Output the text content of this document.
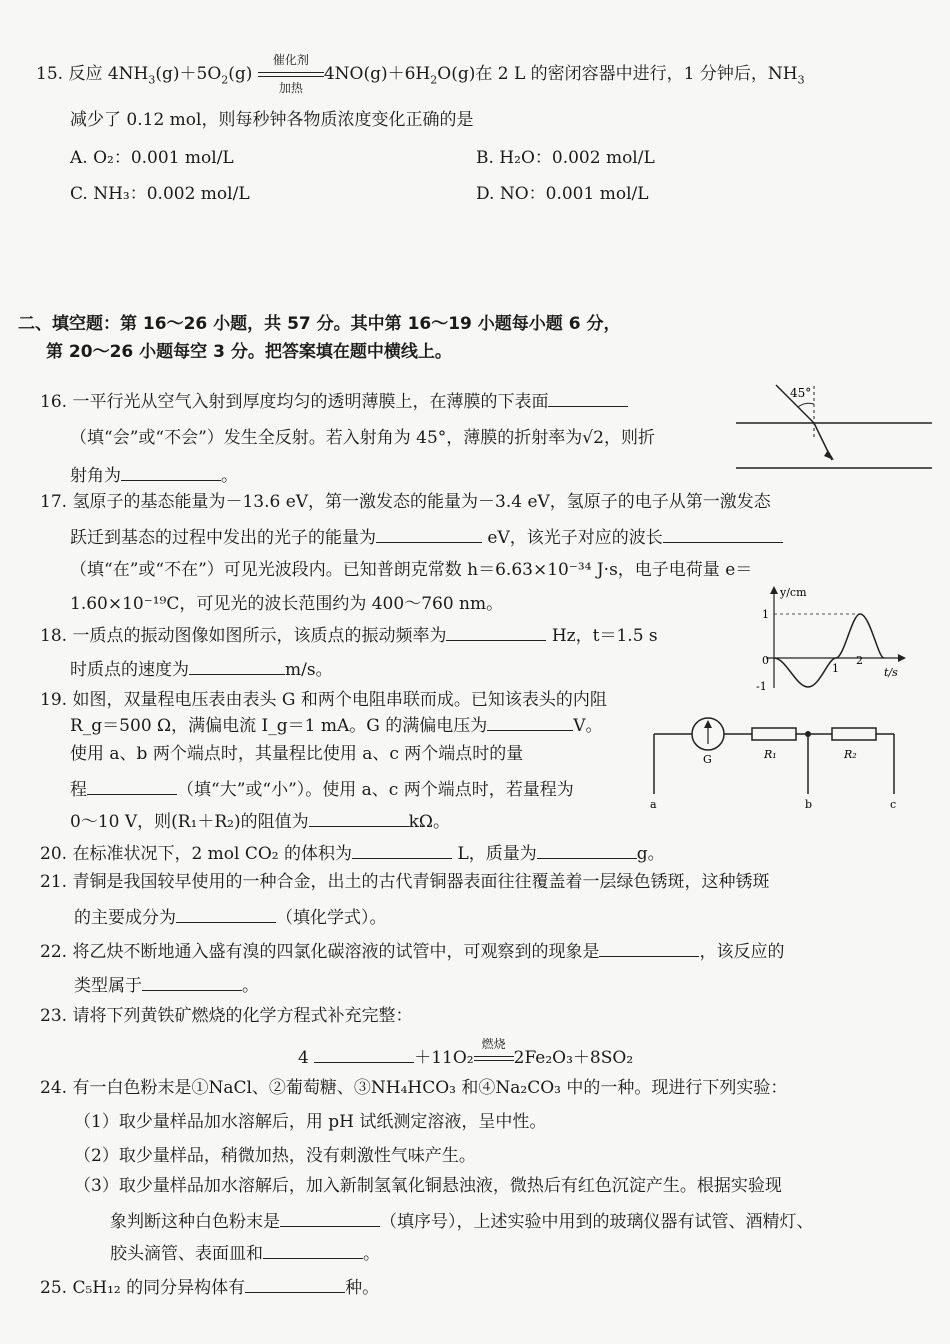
15. 反应 $4NH_3(g)+5O_2(g)$
催化剂
加热
$4NO(g)+6H_2O(g)$在 2 L 的密闭容器中进行，1 分钟后，$NH_3$
减少了 0.12 mol，则每秒钟各物质浓度变化正确的是
A. O₂：0.001 mol/L	B. H₂O：0.002 mol/L
C. NH₃：0.002 mol/L	D. NO：0.001 mol/L
二、填空题：第 16～26 小题，共 57 分。其中第 16～19 小题每小题 6 分，
第 20～26 小题每空 3 分。把答案填在题中横线上。
16. 一平行光从空气入射到厚度均匀的透明薄膜上，在薄膜的下表面
（填“会”或“不会”）发生全反射。若入射角为 45°，薄膜的折射率为√2，则折
射角为	。
45°
17. 氢原子的基态能量为－13.6 eV，第一激发态的能量为－3.4 eV，氢原子的电子从第一激发态
跃迁到基态的过程中发出的光子的能量为	eV，该光子对应的波长
（填“在”或“不在”）可见光波段内。已知普朗克常数 h＝6.63×10⁻³⁴ J·s，电子电荷量 e＝
1.60×10⁻¹⁹C，可见光的波长范围约为 400～760 nm。
18. 一质点的振动图像如图所示，该质点的振动频率为	Hz，t＝1.5 s
时质点的速度为	m/s。
y/cm
t/s
1
-1
0
1
2
19. 如图，双量程电压表由表头 G 和两个电阻串联而成。已知该表头的内阻
R_g＝500 Ω，满偏电流 I_g＝1 mA。G 的满偏电压为	V。
使用 a、b 两个端点时，其量程比使用 a、c 两个端点时的量
程	（填“大”或“小”）。使用 a、c 两个端点时，若量程为
0～10 V，则(R₁＋R₂)的阻值为	kΩ。
G	R₁	R₂
a	b	c
20. 在标准状况下，2 mol CO₂ 的体积为	L，质量为	g。
21. 青铜是我国较早使用的一种合金，出土的古代青铜器表面往往覆盖着一层绿色锈斑，这种锈斑
的主要成分为	（填化学式）。
22. 将乙炔不断地通入盛有溴的四氯化碳溶液的试管中，可观察到的现象是	，该反应的
类型属于	。
23. 请将下列黄铁矿燃烧的化学方程式补充完整：
4	＋11O₂
燃烧
2Fe₂O₃＋8SO₂
24. 有一白色粉末是①NaCl、②葡萄糖、③NH₄HCO₃ 和④Na₂CO₃ 中的一种。现进行下列实验：
（1）取少量样品加水溶解后，用 pH 试纸测定溶液，呈中性。
（2）取少量样品，稍微加热，没有刺激性气味产生。
（3）取少量样品加水溶解后，加入新制氢氧化铜悬浊液，微热后有红色沉淀产生。根据实验现
象判断这种白色粉末是	（填序号），上述实验中用到的玻璃仪器有试管、酒精灯、
胶头滴管、表面皿和	。
25. C₅H₁₂ 的同分异构体有	种。
